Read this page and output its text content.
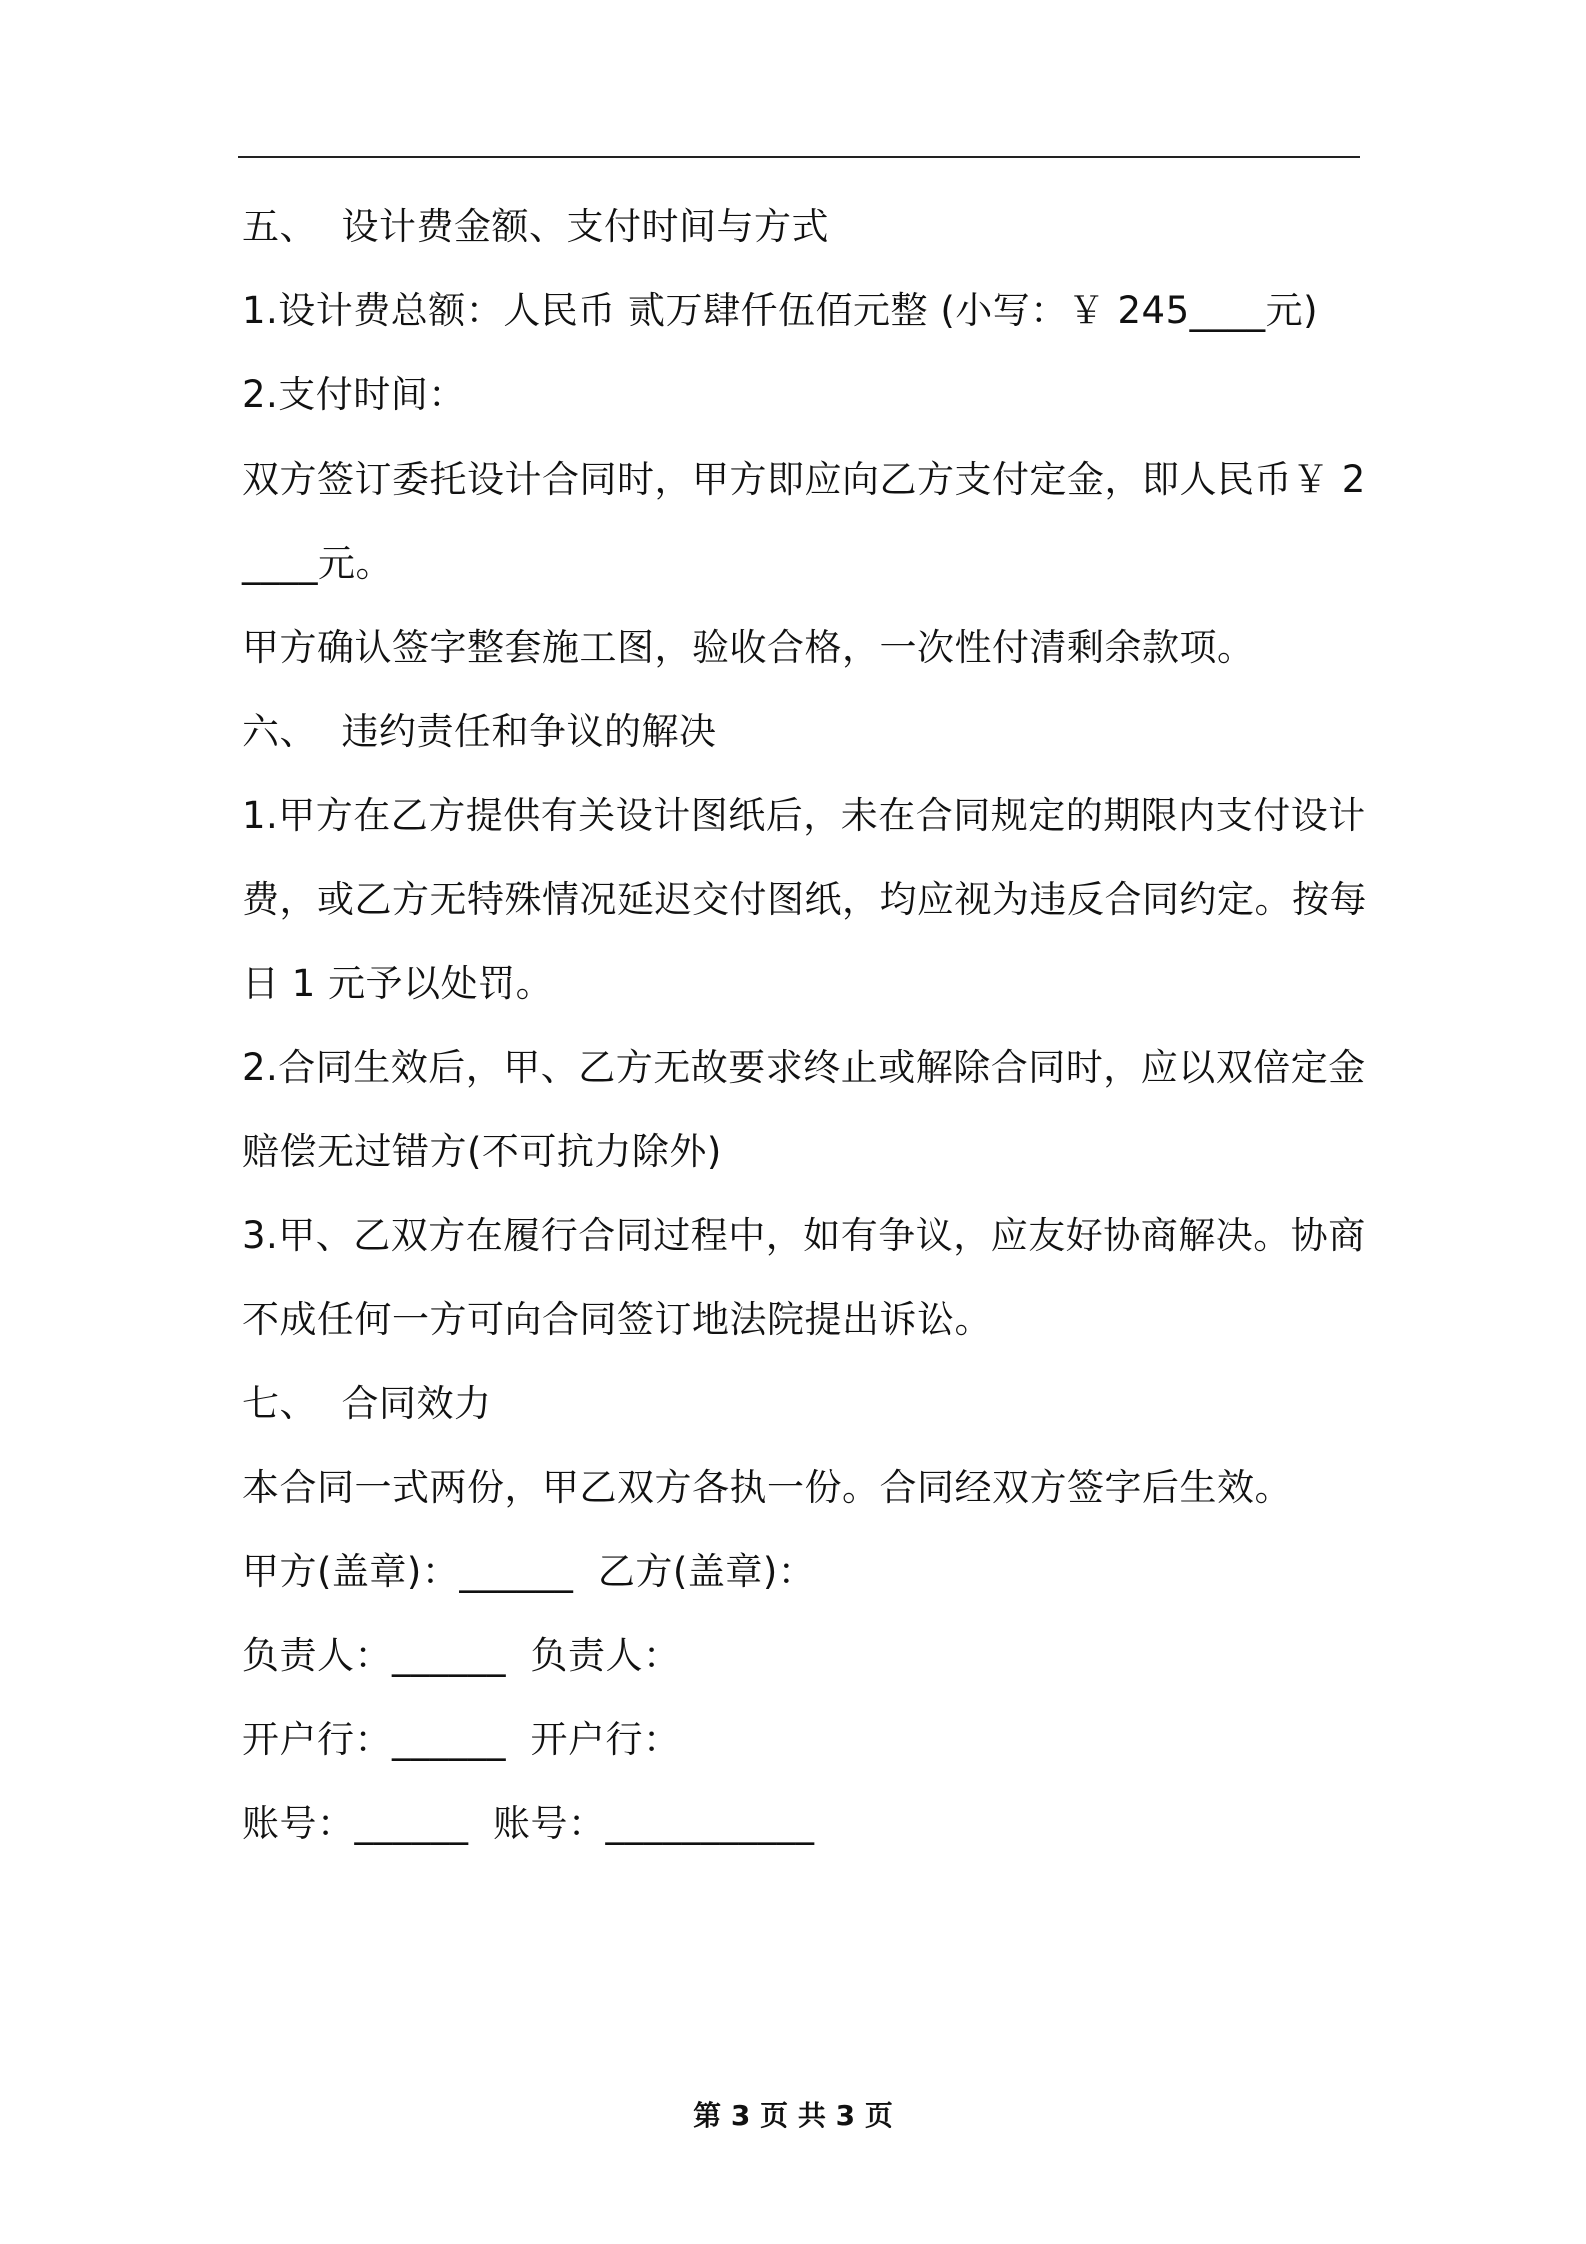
五、  设计费金额、支付时间与方式
1.设计费总额：人民币 贰万肆仟伍佰元整 (小写：￥ 245____元)
2.支付时间：
双方签订委托设计合同时，甲方即应向乙方支付定金，即人民币￥ 2
____元。
甲方确认签字整套施工图，验收合格，一次性付清剩余款项。
六、  违约责任和争议的解决
1.甲方在乙方提供有关设计图纸后，未在合同规定的期限内支付设计
费，或乙方无特殊情况延迟交付图纸，均应视为违反合同约定。按每
日 1 元予以处罚。
2.合同生效后，甲、乙方无故要求终止或解除合同时，应以双倍定金
赔偿无过错方(不可抗力除外)
3.甲、乙双方在履行合同过程中，如有争议，应友好协商解决。协商
不成任何一方可向合同签订地法院提出诉讼。
七、  合同效力
本合同一式两份，甲乙双方各执一份。合同经双方签字后生效。
甲方(盖章)：______  乙方(盖章)：
负责人：______  负责人：
开户行：______  开户行：
账号：______  账号：___________
第 3 页 共 3 页
